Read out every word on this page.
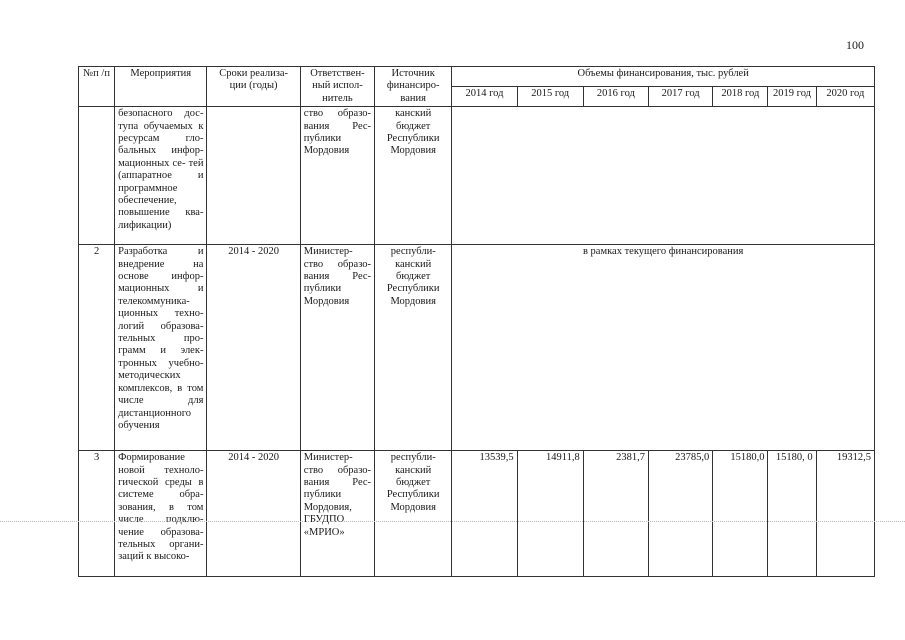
100
№п /п	Мероприятия	Сроки реализа- ции (годы)	Ответствен- ный испол- нитель	Источник финансиро- вания	Объемы финансирования, тыс. рублей						
					2014 год	2015 год	2016 год	2017 год	2018 год	2019 год	2020 год
	безопасного дос- тупа обучаемых к ресурсам гло- бальных инфор- мационных се- тей (аппаратное и программное обеспечение, повышение ква- лификации)		ство образо- вания Рес- публики Мордовия	канский бюджет Республики Мордовия							
2	Разработка и внедрение на основе инфор- мационных и телекоммуника- ционных техно- логий образова- тельных про- грамм и элек- тронных учебно- методических комплексов, в том числе для дистанционного обучения	2014 - 2020	Министер- ство образо- вания Рес- публики Мордовия	республи- канский бюджет Республики Мордовия	в рамках текущего финансирования						
3	Формирование новой техноло- гической среды в системе обра- зования, в том числе подклю- чение образова- тельных органи- заций к высоко-	2014 - 2020	Министер- ство образо- вания Рес- публики Мордовия, ГБУДПО «МРИО»	республи- канский бюджет Республики Мордовия	13539,5	14911,8	2381,7	23785,0	15180,0	15180, 0	19312,5
